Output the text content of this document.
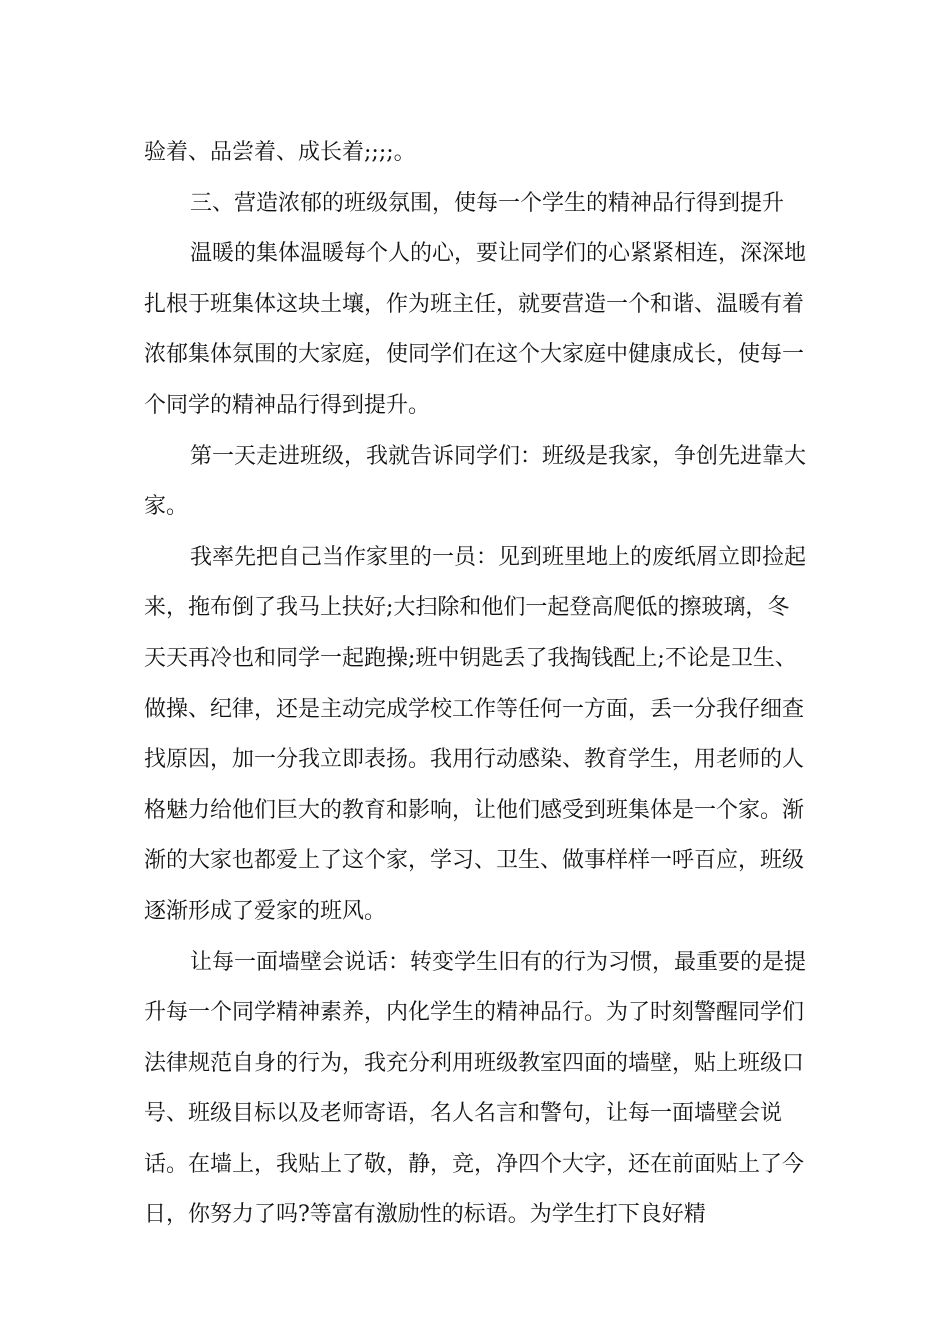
验着、品尝着、成长着;;;;。

三、营造浓郁的班级氛围，使每一个学生的精神品行得到提升

温暖的集体温暖每个人的心，要让同学们的心紧紧相连，深深地扎根于班集体这块土壤，作为班主任，就要营造一个和谐、温暖有着浓郁集体氛围的大家庭，使同学们在这个大家庭中健康成长，使每一个同学的精神品行得到提升。

第一天走进班级，我就告诉同学们：班级是我家，争创先进靠大家。

我率先把自己当作家里的一员：见到班里地上的废纸屑立即捡起来，拖布倒了我马上扶好;大扫除和他们一起登高爬低的擦玻璃，冬天天再冷也和同学一起跑操;班中钥匙丢了我掏钱配上;不论是卫生、做操、纪律，还是主动完成学校工作等任何一方面，丢一分我仔细查找原因，加一分我立即表扬。我用行动感染、教育学生，用老师的人格魅力给他们巨大的教育和影响，让他们感受到班集体是一个家。渐渐的大家也都爱上了这个家，学习、卫生、做事样样一呼百应，班级逐渐形成了爱家的班风。

让每一面墙壁会说话：转变学生旧有的行为习惯，最重要的是提升每一个同学精神素养，内化学生的精神品行。为了时刻警醒同学们法律规范自身的行为，我充分利用班级教室四面的墙壁，贴上班级口号、班级目标以及老师寄语，名人名言和警句，让每一面墙壁会说话。在墙上，我贴上了敬，静，竞，净四个大字，还在前面贴上了今日，你努力了吗?等富有激励性的标语。为学生打下良好精
